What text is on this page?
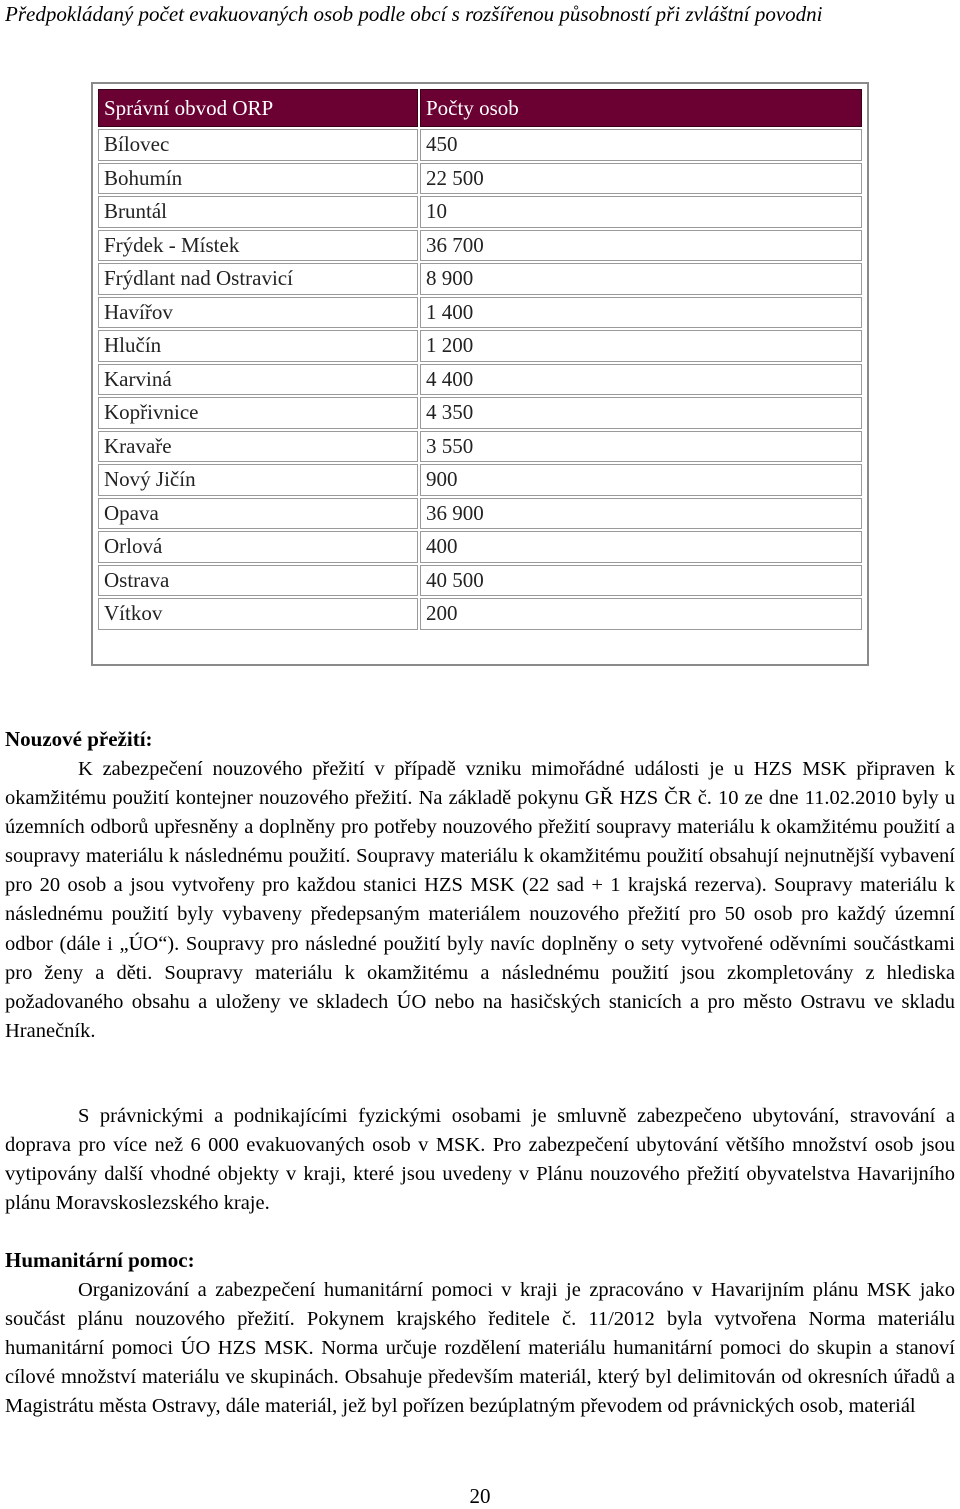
Předpokládaný počet evakuovaných osob podle obcí s rozšířenou působností při zvláštní povodni
Správní obvod ORP	Počty osob
Bílovec	450
Bohumín	22 500
Bruntál	10
Frýdek - Místek	36 700
Frýdlant nad Ostravicí	8 900
Havířov	1 400
Hlučín	1 200
Karviná	4 400
Kopřivnice	4 350
Kravaře	3 550
Nový Jičín	900
Opava	36 900
Orlová	400
Ostrava	40 500
Vítkov	200
Nouzové přežití:

K zabezpečení nouzového přežití v případě vzniku mimořádné události je u HZS MSK připraven k okamžitému použití kontejner nouzového přežití. Na základě pokynu GŘ HZS ČR č. 10 ze dne 11.02.2010 byly u územních odborů upřesněny a doplněny pro potřeby nouzového přežití soupravy materiálu k okamžitému použití a soupravy materiálu k následnému použití. Soupravy materiálu k okamžitému použití obsahují nejnutnější vybavení pro 20 osob a jsou vytvořeny pro každou stanici HZS MSK (22 sad + 1 krajská rezerva). Soupravy materiálu k následnému použití byly vybaveny předepsaným materiálem nouzového přežití pro 50 osob pro každý územní odbor (dále i „ÚO“). Soupravy pro následné použití byly navíc doplněny o sety vytvořené oděvními součástkami pro ženy a děti. Soupravy materiálu k okamžitému a následnému použití jsou zkompletovány z hlediska požadovaného obsahu a uloženy ve skladech ÚO nebo na hasičských stanicích a pro město Ostravu ve skladu Hranečník.

S právnickými a podnikajícími fyzickými osobami je smluvně zabezpečeno ubytování, stravování a doprava pro více než 6 000 evakuovaných osob v MSK. Pro zabezpečení ubytování většího množství osob jsou vytipovány další vhodné objekty v kraji, které jsou uvedeny v Plánu nouzového přežití obyvatelstva Havarijního plánu Moravskoslezského kraje.

Humanitární pomoc:

Organizování a zabezpečení humanitární pomoci v kraji je zpracováno v Havarijním plánu MSK jako součást plánu nouzového přežití. Pokynem krajského ředitele č. 11/2012 byla vytvořena Norma materiálu humanitární pomoci ÚO HZS MSK. Norma určuje rozdělení materiálu humanitární pomoci do skupin a stanoví cílové množství materiálu ve skupinách. Obsahuje především materiál, který byl delimitován od okresních úřadů a Magistrátu města Ostravy, dále materiál, jež byl pořízen bezúplatným převodem od právnických osob, materiál

20
